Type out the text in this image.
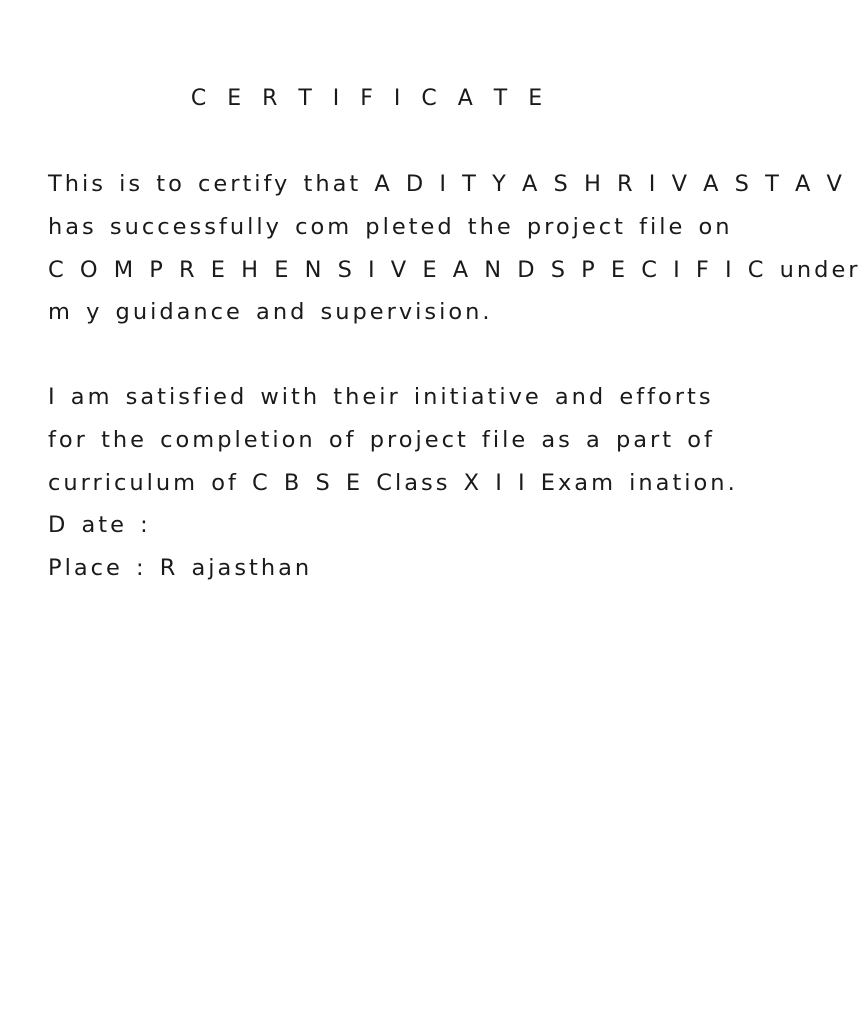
C E R T I F I C A T E
This is to certify that A D I T Y A S H R I V A S T A V
has successfully com pleted the project file on
C O M P R E H E N S I V E A N D S P E C I F I C under
m y guidance and supervision.
I am satisfied with their initiative and efforts
for the completion of project file as a part of
curriculum of C B S E Class X I I Exam ination.
D ate :
Place : R ajasthan
